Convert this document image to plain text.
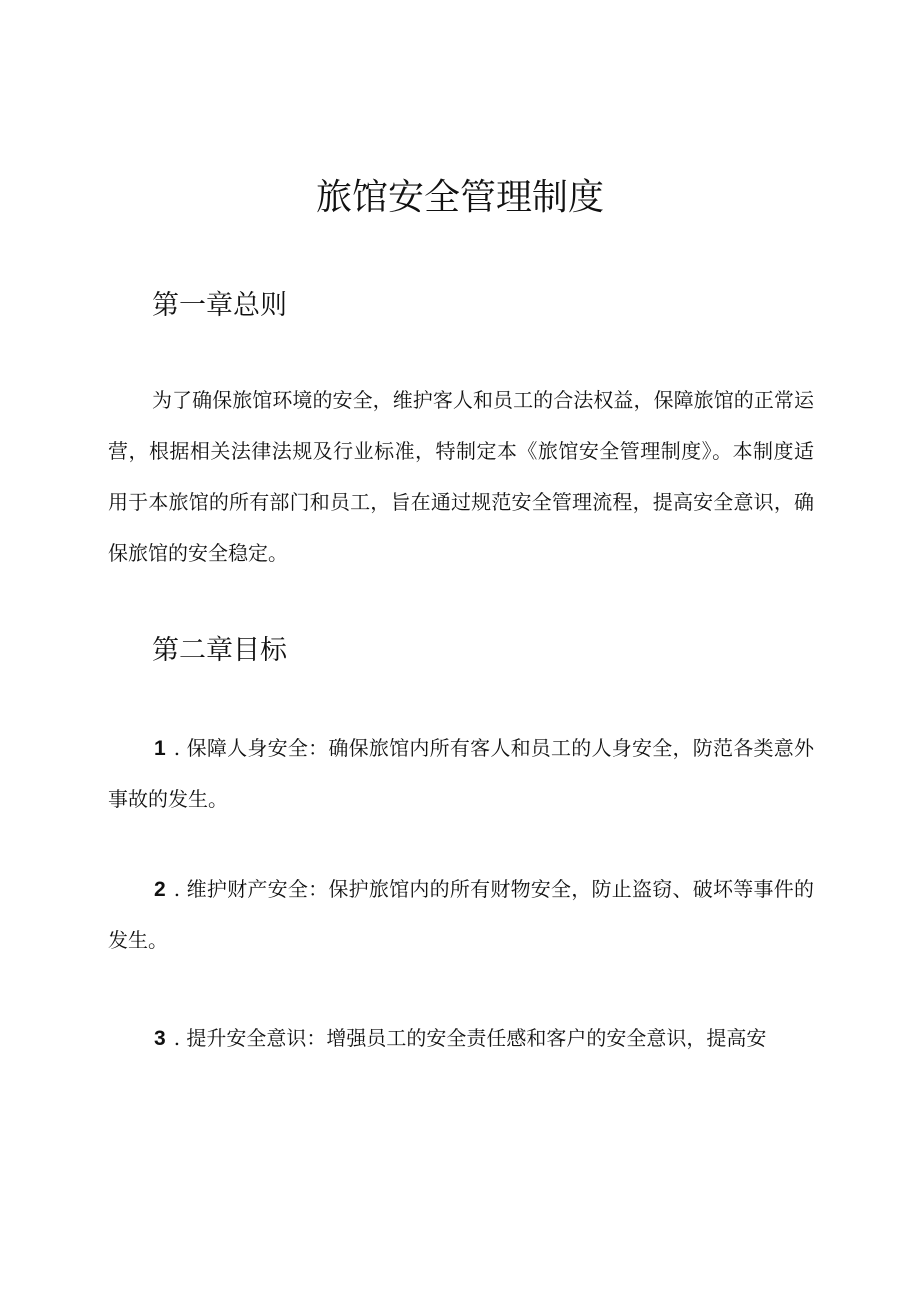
旅馆安全管理制度
第一章总则

为了确保旅馆环境的安全，维护客人和员工的合法权益，保障旅馆的正常运营，根据相关法律法规及行业标准，特制定本《旅馆安全管理制度》。本制度适用于本旅馆的所有部门和员工，旨在通过规范安全管理流程，提高安全意识，确保旅馆的安全稳定。

第二章目标

1 . 保障人身安全：确保旅馆内所有客人和员工的人身安全，防范各类意外事故的发生。

2 . 维护财产安全：保护旅馆内的所有财物安全，防止盗窃、破坏等事件的发生。

3 . 提升安全意识：增强员工的安全责任感和客户的安全意识，提高安
